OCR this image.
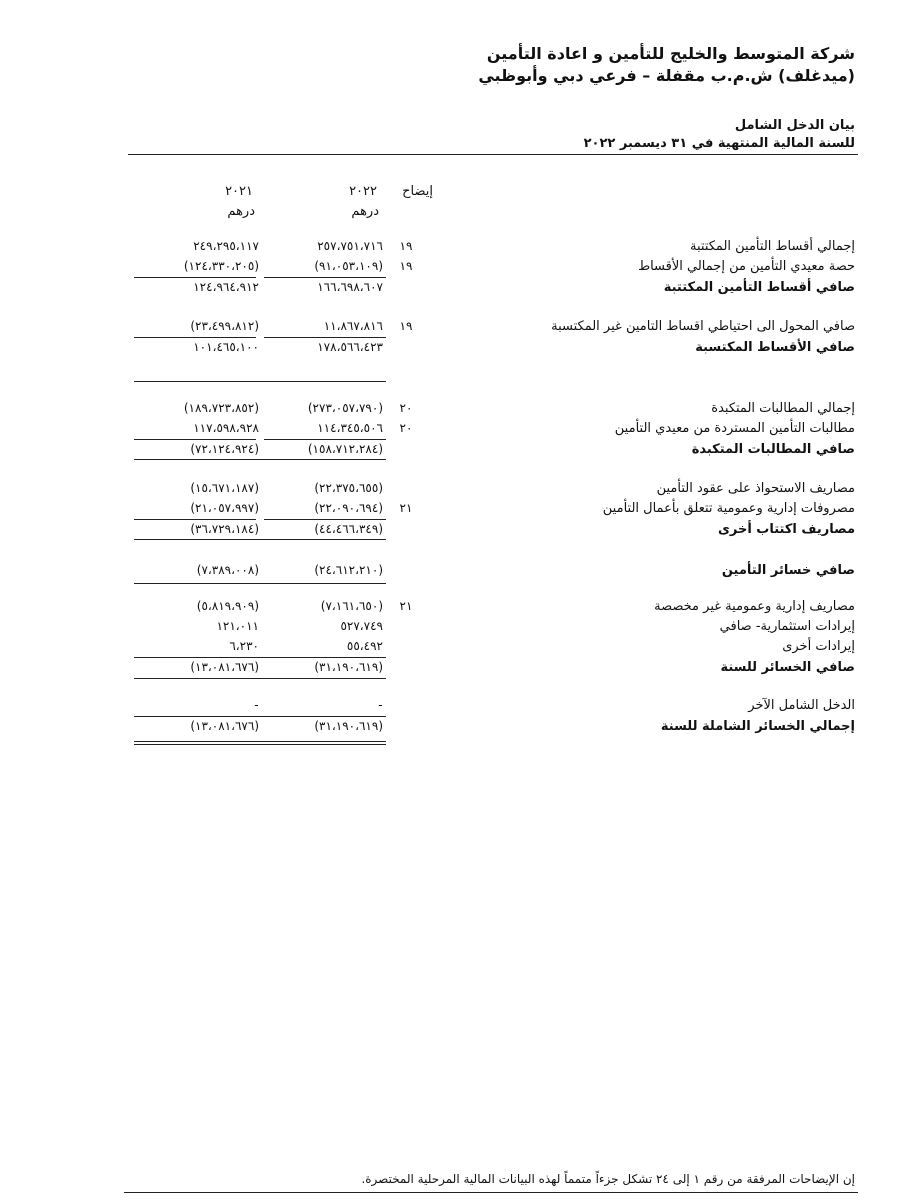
شركة المتوسط والخليج للتأمين و اعادة التأمين
(ميدغلف) ش.م.ب مقفلة – فرعي دبي وأبوظبي
بيان الدخل الشامل
للسنة المالية المنتهية في ٣١ ديسمبر ٢٠٢٢
إيضاح
٢٠٢٢
٢٠٢١
درهم
درهم
إجمالي أقساط التأمين المكتتبة
١٩
٢٥٧،٧٥١،٧١٦
٢٤٩،٢٩٥،١١٧
حصة معيدي التأمين من إجمالي الأقساط
١٩
(٩١،٠٥٣،١٠٩)
(١٢٤،٣٣٠،٢٠٥)
صافي أقساط التأمين المكتتبة
١٦٦،٦٩٨،٦٠٧
١٢٤،٩٦٤،٩١٢
صافي المحول الى احتياطي اقساط التامين غير المكتسبة
١٩
١١،٨٦٧،٨١٦
(٢٣،٤٩٩،٨١٢)
صافي الأقساط المكتسبة
١٧٨،٥٦٦،٤٢٣
١٠١،٤٦٥،١٠٠
إجمالي المطالبات المتكبدة
٢٠
(٢٧٣،٠٥٧،٧٩٠)
(١٨٩،٧٢٣،٨٥٢)
مطالبات التأمين المستردة من معيدي التأمين
٢٠
١١٤،٣٤٥،٥٠٦
١١٧،٥٩٨،٩٢٨
صافي المطالبات المتكبدة
(١٥٨،٧١٢،٢٨٤)
(٧٢،١٢٤،٩٢٤)
مصاريف الاستحواذ على عقود التأمين
(٢٢،٣٧٥،٦٥٥)
(١٥،٦٧١،١٨٧)
مصروفات إدارية وعمومية تتعلق بأعمال التأمين
٢١
(٢٢،٠٩٠،٦٩٤)
(٢١،٠٥٧،٩٩٧)
مصاريف اكتتاب أخرى
(٤٤،٤٦٦،٣٤٩)
(٣٦،٧٢٩،١٨٤)
صافي خسائر التأمين
(٢٤،٦١٢،٢١٠)
(٧،٣٨٩،٠٠٨)
مصاريف إدارية وعمومية غير مخصصة
٢١
(٧،١٦١،٦٥٠)
(٥،٨١٩،٩٠٩)
إيرادات استثمارية- صافي
٥٢٧،٧٤٩
١٢١،٠١١
إيرادات أخرى
٥٥،٤٩٢
٦،٢٣٠
صافي الخسائر للسنة
(٣١،١٩٠،٦١٩)
(١٣،٠٨١،٦٧٦)
الدخل الشامل الآخر
-
-
إجمالي الخسائر الشاملة للسنة
(٣١،١٩٠،٦١٩)
(١٣،٠٨١،٦٧٦)
إن الإيضاحات المرفقة من رقم ١ إلى ٢٤ تشكل جزءاً متمماً لهذه البيانات المالية المرحلية المختصرة.
